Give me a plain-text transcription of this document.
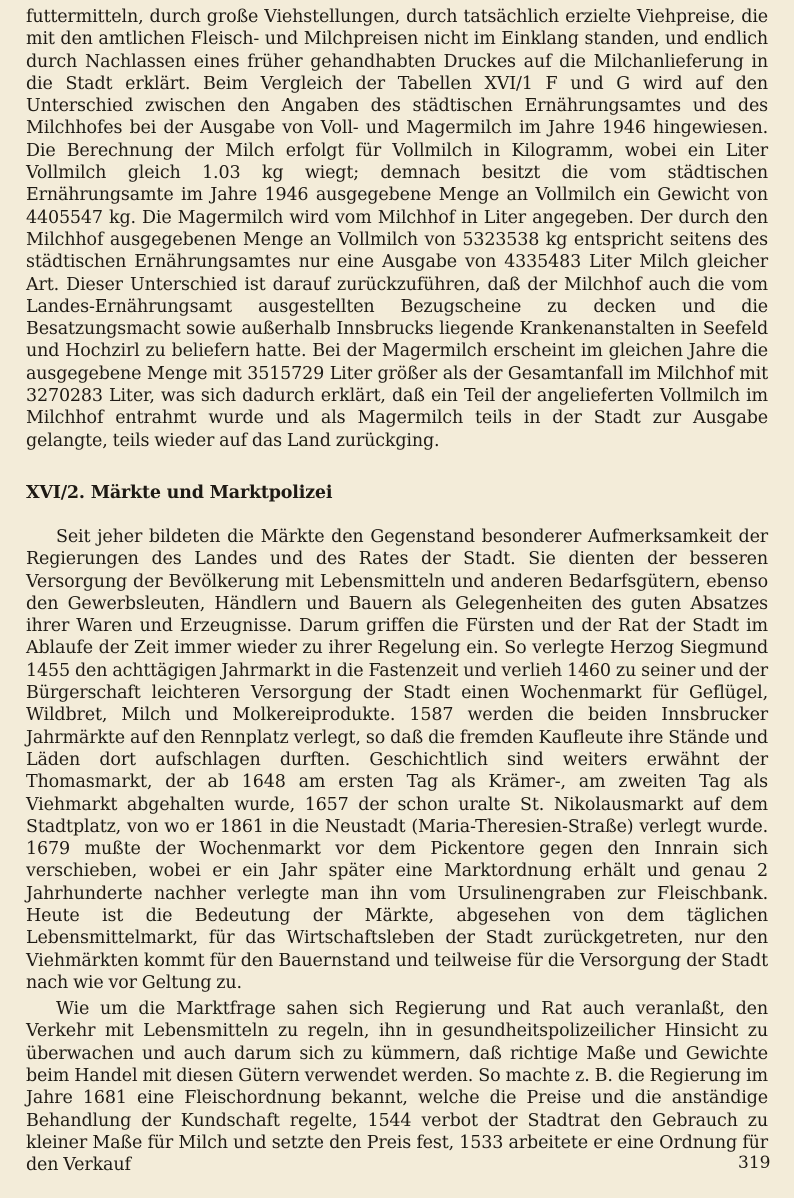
futtermitteln, durch große Viehstellungen, durch tatsächlich erzielte Viehpreise, die mit den amtlichen Fleisch- und Milchpreisen nicht im Einklang standen, und endlich durch Nachlassen eines früher gehandhabten Druckes auf die Milchanlieferung in die Stadt erklärt. Beim Vergleich der Tabellen XVI/1 F und G wird auf den Unterschied zwischen den Angaben des städtischen Ernährungsamtes und des Milchhofes bei der Ausgabe von Voll- und Magermilch im Jahre 1946 hingewiesen. Die Berechnung der Milch erfolgt für Vollmilch in Kilogramm, wobei ein Liter Vollmilch gleich 1.03 kg wiegt; demnach besitzt die vom städtischen Ernährungsamte im Jahre 1946 ausgegebene Menge an Vollmilch ein Gewicht von 4405547 kg. Die Magermilch wird vom Milchhof in Liter angegeben. Der durch den Milchhof ausgegebenen Menge an Vollmilch von 5323538 kg entspricht seitens des städtischen Ernährungsamtes nur eine Ausgabe von 4335483 Liter Milch gleicher Art. Dieser Unterschied ist darauf zurückzuführen, daß der Milchhof auch die vom Landes-Ernährungsamt ausgestellten Bezugscheine zu decken und die Besatzungsmacht sowie außerhalb Innsbrucks liegende Krankenanstalten in Seefeld und Hochzirl zu beliefern hatte. Bei der Magermilch erscheint im gleichen Jahre die ausgegebene Menge mit 3515729 Liter größer als der Gesamtanfall im Milchhof mit 3270283 Liter, was sich dadurch erklärt, daß ein Teil der angelieferten Vollmilch im Milchhof entrahmt wurde und als Magermilch teils in der Stadt zur Ausgabe gelangte, teils wieder auf das Land zurückging.

XVI/2. Märkte und Marktpolizei

Seit jeher bildeten die Märkte den Gegenstand besonderer Aufmerksamkeit der Regierungen des Landes und des Rates der Stadt. Sie dienten der besseren Versorgung der Bevölkerung mit Lebensmitteln und anderen Bedarfsgütern, ebenso den Gewerbsleuten, Händlern und Bauern als Gelegenheiten des guten Absatzes ihrer Waren und Erzeugnisse. Darum griffen die Fürsten und der Rat der Stadt im Ablaufe der Zeit immer wieder zu ihrer Regelung ein. So verlegte Herzog Siegmund 1455 den achttägigen Jahrmarkt in die Fastenzeit und verlieh 1460 zu seiner und der Bürgerschaft leichteren Versorgung der Stadt einen Wochenmarkt für Geflügel, Wildbret, Milch und Molkereiprodukte. 1587 werden die beiden Innsbrucker Jahrmärkte auf den Rennplatz verlegt, so daß die fremden Kaufleute ihre Stände und Läden dort aufschlagen durften. Geschichtlich sind weiters erwähnt der Thomasmarkt, der ab 1648 am ersten Tag als Krämer-, am zweiten Tag als Viehmarkt abgehalten wurde, 1657 der schon uralte St. Nikolausmarkt auf dem Stadtplatz, von wo er 1861 in die Neustadt (Maria-Theresien-Straße) verlegt wurde. 1679 mußte der Wochenmarkt vor dem Pickentore gegen den Innrain sich verschieben, wobei er ein Jahr später eine Marktordnung erhält und genau 2 Jahrhunderte nachher verlegte man ihn vom Ursulinengraben zur Fleischbank. Heute ist die Bedeutung der Märkte, abgesehen von dem täglichen Lebensmittelmarkt, für das Wirtschaftsleben der Stadt zurückgetreten, nur den Viehmärkten kommt für den Bauernstand und teilweise für die Versorgung der Stadt nach wie vor Geltung zu.

Wie um die Marktfrage sahen sich Regierung und Rat auch veranlaßt, den Verkehr mit Lebensmitteln zu regeln, ihn in gesundheitspolizeilicher Hinsicht zu überwachen und auch darum sich zu kümmern, daß richtige Maße und Gewichte beim Handel mit diesen Gütern verwendet werden. So machte z. B. die Regierung im Jahre 1681 eine Fleischordnung bekannt, welche die Preise und die anständige Behandlung der Kundschaft regelte, 1544 verbot der Stadtrat den Gebrauch zu kleiner Maße für Milch und setzte den Preis fest, 1533 arbeitete er eine Ordnung für den Verkauf	319
